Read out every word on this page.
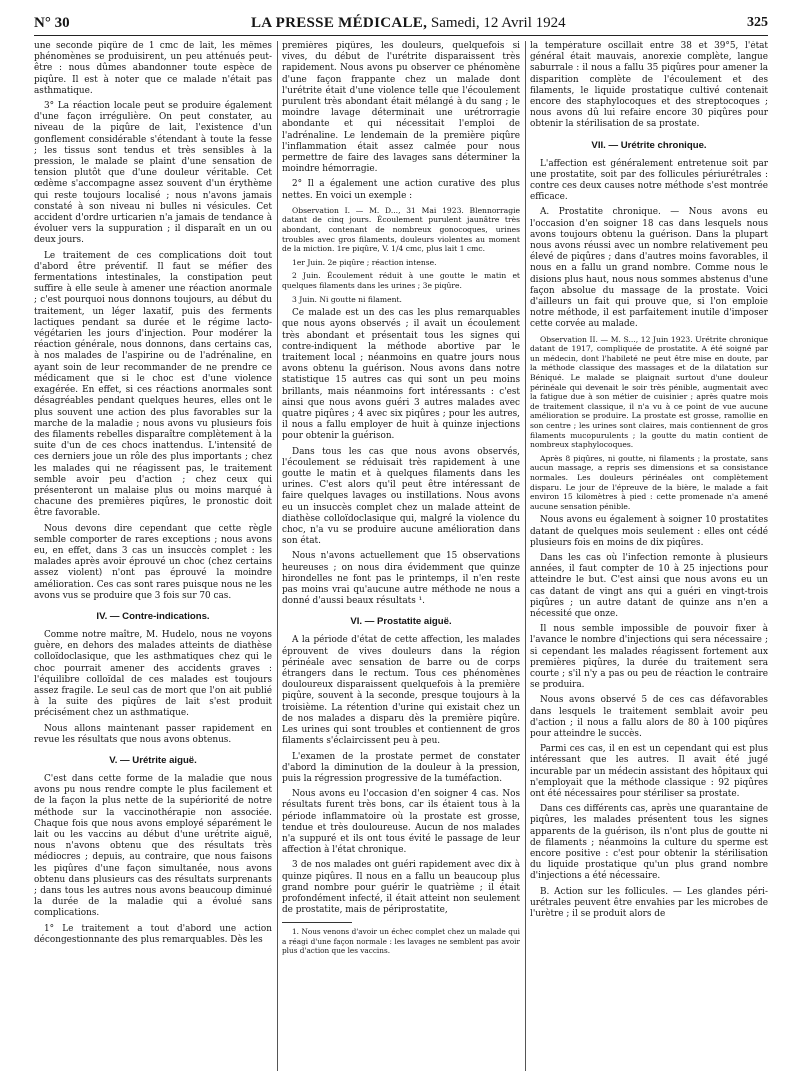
N° 30	LA PRESSE MÉDICALE, Samedi, 12 Avril 1924	325

une seconde piqûre de 1 cmc de lait, les mêmes phénomènes se produisirent, un peu atténués peut-être : nous dûmes abandonner toute espèce de piqûre. Il est à noter que ce malade n'était pas asthmatique.

3° La réaction locale peut se produire également d'une façon irrégulière. On peut constater, au niveau de la piqûre de lait, l'existence d'un gonflement considérable s'étendant à toute la fesse ; les tissus sont tendus et très sensibles à la pression, le malade se plaint d'une sensation de tension plutôt que d'une douleur véritable. Cet œdème s'accompagne assez souvent d'un érythème qui reste toujours localisé ; nous n'avons jamais constaté à son niveau ni bulles ni vésicules. Cet accident d'ordre urticarien n'a jamais de tendance à évoluer vers la suppuration ; il disparaît en un ou deux jours.

Le traitement de ces complications doit tout d'abord être préventif. Il faut se méfier des fermentations intestinales, la constipation peut suffire à elle seule à amener une réaction anormale ; c'est pourquoi nous donnons toujours, au début du traitement, un léger laxatif, puis des ferments lactiques pendant sa durée et le régime lacto-végétarien les jours d'injection. Pour modérer la réaction générale, nous donnons, dans certains cas, à nos malades de l'aspirine ou de l'adrénaline, en ayant soin de leur recommander de ne prendre ce médicament que si le choc est d'une violence exagérée. En effet, si ces réactions anormales sont désagréables pendant quelques heures, elles ont le plus souvent une action des plus favorables sur la marche de la maladie ; nous avons vu plusieurs fois des filaments rebelles disparaître complètement à la suite d'un de ces chocs inattendus. L'intensité de ces derniers joue un rôle des plus importants ; chez les malades qui ne réagissent pas, le traitement semble avoir peu d'action ; chez ceux qui présenteront un malaise plus ou moins marqué à chacune des premières piqûres, le pronostic doit être favorable.

Nous devons dire cependant que cette règle semble comporter de rares exceptions ; nous avons eu, en effet, dans 3 cas un insuccès complet : les malades après avoir éprouvé un choc (chez certains assez violent) n'ont pas éprouvé la moindre amélioration. Ces cas sont rares puisque nous ne les avons vus se produire que 3 fois sur 70 cas.

IV. — Contre-indications.

Comme notre maître, M. Hudelo, nous ne voyons guère, en dehors des malades atteints de diathèse colloïdoclasique, que les asthmatiques chez qui le choc pourrait amener des accidents graves : l'équilibre colloïdal de ces malades est toujours assez fragile. Le seul cas de mort que l'on ait publié à la suite des piqûres de lait s'est produit précisément chez un asthmatique.

Nous allons maintenant passer rapidement en revue les résultats que nous avons obtenus.

V. — Urétrite aiguë.

C'est dans cette forme de la maladie que nous avons pu nous rendre compte le plus facilement et de la façon la plus nette de la supériorité de notre méthode sur la vaccinothérapie non associée. Chaque fois que nous avons employé séparément le lait ou les vaccins au début d'une urétrite aiguë, nous n'avons obtenu que des résultats très médiocres ; depuis, au contraire, que nous faisons les piqûres d'une façon simultanée, nous avons obtenu dans plusieurs cas des résultats surprenants ; dans tous les autres nous avons beaucoup diminué la durée de la maladie qui a évolué sans complications.

1° Le traitement a tout d'abord une action décongestionnante des plus remarquables. Dès les

premières piqûres, les douleurs, quelquefois si vives, du début de l'urétrite disparaissent très rapidement. Nous avons pu observer ce phénomène d'une façon frappante chez un malade dont l'urétrite était d'une violence telle que l'écoulement purulent très abondant était mélangé à du sang ; le moindre lavage déterminait une urétrorragie abondante et qui nécessitait l'emploi de l'adrénaline. Le lendemain de la première piqûre l'inflammation était assez calmée pour nous permettre de faire des lavages sans déterminer la moindre hémorragie.

2° Il a également une action curative des plus nettes. En voici un exemple :

Observation I. — M. D..., 31 Mai 1923. Blennorragie datant de cinq jours. Écoulement purulent jaunâtre très abondant, contenant de nombreux gonocoques, urines troubles avec gros filaments, douleurs violentes au moment de la miction. 1re piqûre, V. 1/4 cmc, plus lait 1 cmc.

1er Juin. 2e piqûre ; réaction intense.

2 Juin. Écoulement réduit à une goutte le matin et quelques filaments dans les urines ; 3e piqûre.

3 Juin. Ni goutte ni filament.

Ce malade est un des cas les plus remarquables que nous ayons observés ; il avait un écoulement très abondant et présentait tous les signes qui contre-indiquent la méthode abortive par le traitement local ; néanmoins en quatre jours nous avons obtenu la guérison. Nous avons dans notre statistique 15 autres cas qui sont un peu moins brillants, mais néanmoins fort intéressants : c'est ainsi que nous avons guéri 3 autres malades avec quatre piqûres ; 4 avec six piqûres ; pour les autres, il nous a fallu employer de huit à quinze injections pour obtenir la guérison.

Dans tous les cas que nous avons observés, l'écoulement se réduisait très rapidement à une goutte le matin et à quelques filaments dans les urines. C'est alors qu'il peut être intéressant de faire quelques lavages ou instillations. Nous avons eu un insuccès complet chez un malade atteint de diathèse colloïdoclasique qui, malgré la violence du choc, n'a vu se produire aucune amélioration dans son état.

Nous n'avons actuellement que 15 observations heureuses ; on nous dira évidemment que quinze hirondelles ne font pas le printemps, il n'en reste pas moins vrai qu'aucune autre méthode ne nous a donné d'aussi beaux résultats ¹.

VI. — Prostatite aiguë.

A la période d'état de cette affection, les malades éprouvent de vives douleurs dans la région périnéale avec sensation de barre ou de corps étrangers dans le rectum. Tous ces phénomènes douloureux disparaissent quelquefois à la première piqûre, souvent à la seconde, presque toujours à la troisième. La rétention d'urine qui existait chez un de nos malades a disparu dès la première piqûre. Les urines qui sont troubles et contiennent de gros filaments s'éclaircissent peu à peu.

L'examen de la prostate permet de constater d'abord la diminution de la douleur à la pression, puis la régression progressive de la tuméfaction.

Nous avons eu l'occasion d'en soigner 4 cas. Nos résultats furent très bons, car ils étaient tous à la période inflammatoire où la prostate est grosse, tendue et très douloureuse. Aucun de nos malades n'a suppuré et ils ont tous évité le passage de leur affection à l'état chronique.

3 de nos malades ont guéri rapidement avec dix à quinze piqûres. Il nous en a fallu un beaucoup plus grand nombre pour guérir le quatrième ; il était profondément infecté, il était atteint non seulement de prostatite, mais de périprostatite,

1. Nous venons d'avoir un échec complet chez un malade qui a réagi d'une façon normale : les lavages ne semblent pas avoir plus d'action que les vaccins.

la température oscillait entre 38 et 39°5, l'état général était mauvais, anorexie complète, langue saburrale : il nous a fallu 35 piqûres pour amener la disparition complète de l'écoulement et des filaments, le liquide prostatique cultivé contenait encore des staphylocoques et des streptocoques ; nous avons dû lui refaire encore 30 piqûres pour obtenir la stérilisation de sa prostate.

VII. — Urétrite chronique.

L'affection est généralement entretenue soit par une prostatite, soit par des follicules périurétrales : contre ces deux causes notre méthode s'est montrée efficace.

A. Prostatite chronique. — Nous avons eu l'occasion d'en soigner 18 cas dans lesquels nous avons toujours obtenu la guérison. Dans la plupart nous avons réussi avec un nombre relativement peu élevé de piqûres ; dans d'autres moins favorables, il nous en a fallu un grand nombre. Comme nous le disions plus haut, nous nous sommes abstenus d'une façon absolue du massage de la prostate. Voici d'ailleurs un fait qui prouve que, si l'on emploie notre méthode, il est parfaitement inutile d'imposer cette corvée au malade.

Observation II. — M. S..., 12 Juin 1923. Urétrite chronique datant de 1917, compliquée de prostatite. A été soigné par un médecin, dont l'habileté ne peut être mise en doute, par la méthode classique des massages et de la dilatation sur Béniqué. Le malade se plaignait surtout d'une douleur périnéale qui devenait le soir très pénible, augmentait avec la fatigue due à son métier de cuisinier ; après quatre mois de traitement classique, il n'a vu à ce point de vue aucune amélioration se produire. La prostate est grosse, ramollie en son centre ; les urines sont claires, mais contiennent de gros filaments mucopurulents ; la goutte du matin contient de nombreux staphylocoques.

Après 8 piqûres, ni goutte, ni filaments ; la prostate, sans aucun massage, a repris ses dimensions et sa consistance normales. Les douleurs périnéales ont complètement disparu. Le jour de l'épreuve de la bière, le malade a fait environ 15 kilomètres à pied : cette promenade n'a amené aucune sensation pénible.

Nous avons eu également à soigner 10 prostatites datant de quelques mois seulement : elles ont cédé plusieurs fois en moins de dix piqûres.

Dans les cas où l'infection remonte à plusieurs années, il faut compter de 10 à 25 injections pour atteindre le but. C'est ainsi que nous avons eu un cas datant de vingt ans qui a guéri en vingt-trois piqûres ; un autre datant de quinze ans n'en a nécessité que onze.

Il nous semble impossible de pouvoir fixer à l'avance le nombre d'injections qui sera nécessaire ; si cependant les malades réagissent fortement aux premières piqûres, la durée du traitement sera courte ; s'il n'y a pas ou peu de réaction le contraire se produira.

Nous avons observé 5 de ces cas défavorables dans lesquels le traitement semblait avoir peu d'action ; il nous a fallu alors de 80 à 100 piqûres pour atteindre le succès.

Parmi ces cas, il en est un cependant qui est plus intéressant que les autres. Il avait été jugé incurable par un médecin assistant des hôpitaux qui n'employait que la méthode classique : 92 piqûres ont été nécessaires pour stériliser sa prostate.

Dans ces différents cas, après une quarantaine de piqûres, les malades présentent tous les signes apparents de la guérison, ils n'ont plus de goutte ni de filaments ; néanmoins la culture du sperme est encore positive : c'est pour obtenir la stérilisation du liquide prostatique qu'un plus grand nombre d'injections a été nécessaire.

B. Action sur les follicules. — Les glandes péri-urétrales peuvent être envahies par les microbes de l'urètre ; il se produit alors de
